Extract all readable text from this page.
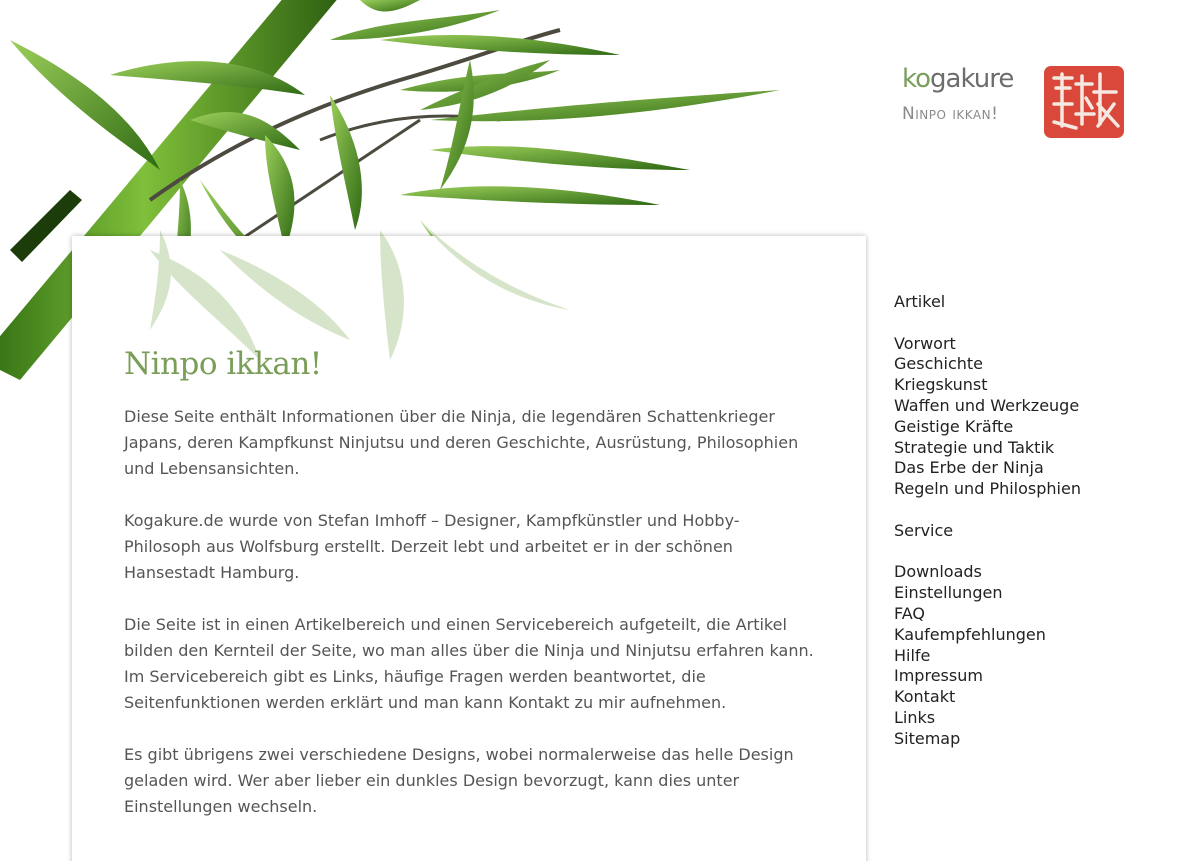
kogakure
Ninpo ikkan!
Ninpo ikkan!

Diese Seite enthält Informationen über die Ninja, die legendären Schattenkrieger Japans, deren Kampfkunst Ninjutsu und deren Geschichte, Ausrüstung, Philosophien und Lebensansichten.

Kogakure.de wurde von Stefan Imhoff – Designer, Kampfkünstler und Hobby-Philosoph aus Wolfsburg erstellt. Derzeit lebt und arbeitet er in der schönen Hansestadt Hamburg.

Die Seite ist in einen Artikelbereich und einen Servicebereich aufgeteilt, die Artikel bilden den Kernteil der Seite, wo man alles über die Ninja und Ninjutsu erfahren kann. Im Servicebereich gibt es Links, häufige Fragen werden beantwortet, die Seitenfunktionen werden erklärt und man kann Kontakt zu mir aufnehmen.

Es gibt übrigens zwei verschiedene Designs, wobei normalerweise das helle Design geladen wird. Wer aber lieber ein dunkles Design bevorzugt, kann dies unter Einstellungen wechseln.

Artikel
Vorwort
Geschichte
Kriegskunst
Waffen und Werkzeuge
Geistige Kräfte
Strategie und Taktik
Das Erbe der Ninja
Regeln und Philosphien
Service
Downloads
Einstellungen
FAQ
Kaufempfehlungen
Hilfe
Impressum
Kontakt
Links
Sitemap
